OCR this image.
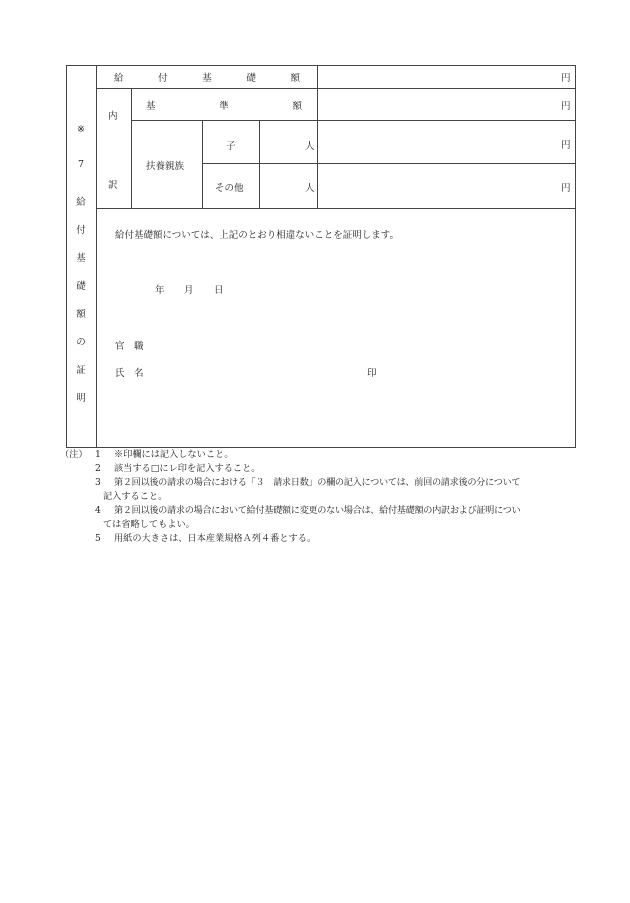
※
7
給
付
基
礎
額
の
証
明
給	付	基	礎	額	円
内
訳
基	準	額	円
扶養親族
子	人	円
その他	人	円
給付基礎額については、上記のとおり相違ないことを証明します。
年 月 日
官　職
氏　名	印
（注） 1 ※印欄には記入しないこと。
2 該当する□にレ印を記入すること。
3 第２回以後の請求の場合における「３　請求日数」の欄の記入については、前回の請求後の分について
記入すること。
4 第２回以後の請求の場合において給付基礎額に変更のない場合は、給付基礎額の内訳および証明につい
ては省略してもよい。
5 用紙の大きさは、日本産業規格Ａ列４番とする。
